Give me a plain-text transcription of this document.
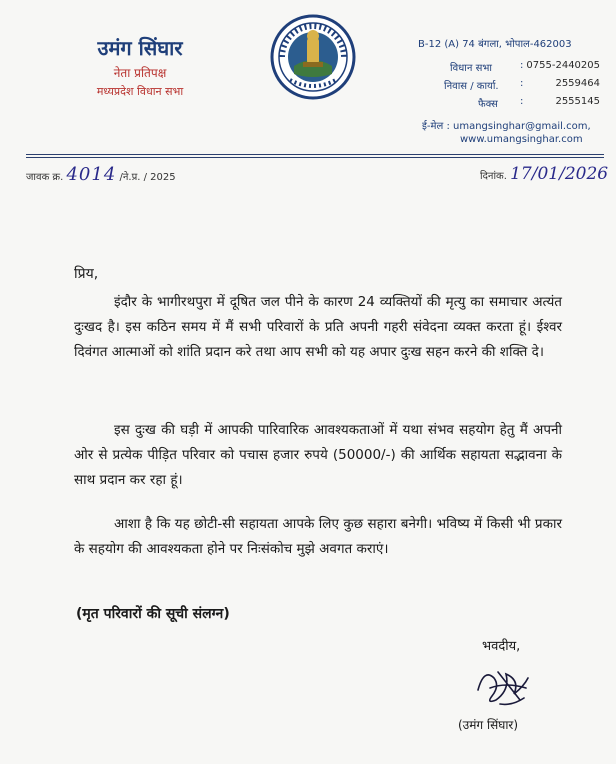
उमंग सिंघार
नेता प्रतिपक्ष
मध्यप्रदेश विधान सभा
B-12 (A) 74 बंगला, भोपाल-462003
विधान सभा	: 0755-2440205
निवास / कार्या. :	2559464
फैक्स :	2555145
ई-मेल : umangsinghar@gmail.com,
www.umangsinghar.com
जावक क्र. 4014 /ने.प्र. / 2025	दिनांक. 17/01/2026
प्रिय,
इंदौर के भागीरथपुरा में दूषित जल पीने के कारण 24 व्यक्तियों की मृत्यु का समाचार अत्यंत दुःखद है। इस कठिन समय में मैं सभी परिवारों के प्रति अपनी गहरी संवेदना व्यक्त करता हूं। ईश्वर दिवंगत आत्माओं को शांति प्रदान करे तथा आप सभी को यह अपार दुःख सहन करने की शक्ति दे।
इस दुःख की घड़ी में आपकी पारिवारिक आवश्यकताओं में यथा संभव सहयोग हेतु मैं अपनी ओर से प्रत्येक पीड़ित परिवार को पचास हजार रुपये (50000/-) की आर्थिक सहायता सद्भावना के साथ प्रदान कर रहा हूं।
आशा है कि यह छोटी-सी सहायता आपके लिए कुछ सहारा बनेगी। भविष्य में किसी भी प्रकार के सहयोग की आवश्यकता होने पर निःसंकोच मुझे अवगत कराएं।
(मृत परिवारों की सूची संलग्न)
भवदीय,
(उमंग सिंघार)
